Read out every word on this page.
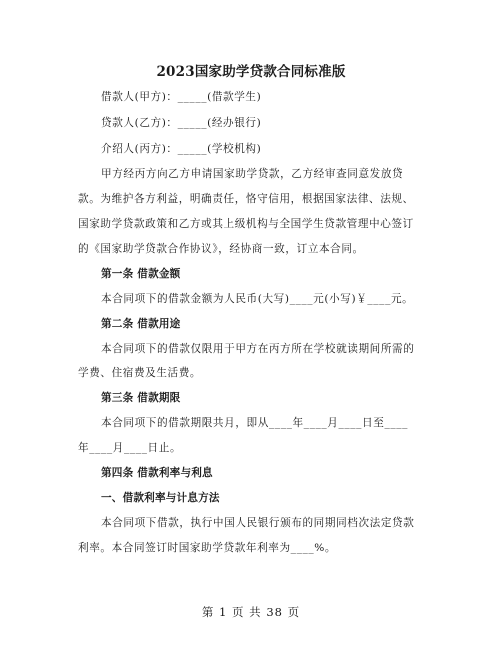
2023国家助学贷款合同标准版
借款人(甲方)：_____(借款学生)
贷款人(乙方)：_____(经办银行)
介绍人(丙方)：_____(学校机构)
甲方经丙方向乙方申请国家助学贷款，乙方经审查同意发放贷
款。为维护各方利益，明确责任，恪守信用，根据国家法律、法规、
国家助学贷款政策和乙方或其上级机构与全国学生贷款管理中心签订
的《国家助学贷款合作协议》，经协商一致，订立本合同。
第一条 借款金额
本合同项下的借款金额为人民币(大写)____元(小写)￥____元。
第二条 借款用途
本合同项下的借款仅限用于甲方在丙方所在学校就读期间所需的
学费、住宿费及生活费。
第三条 借款期限
本合同项下的借款期限共月，即从____年____月____日至____
年____月____日止。
第四条 借款利率与利息
一、借款利率与计息方法
本合同项下借款，执行中国人民银行颁布的同期同档次法定贷款
利率。本合同签订时国家助学贷款年利率为____%。
第 1 页 共 38 页
